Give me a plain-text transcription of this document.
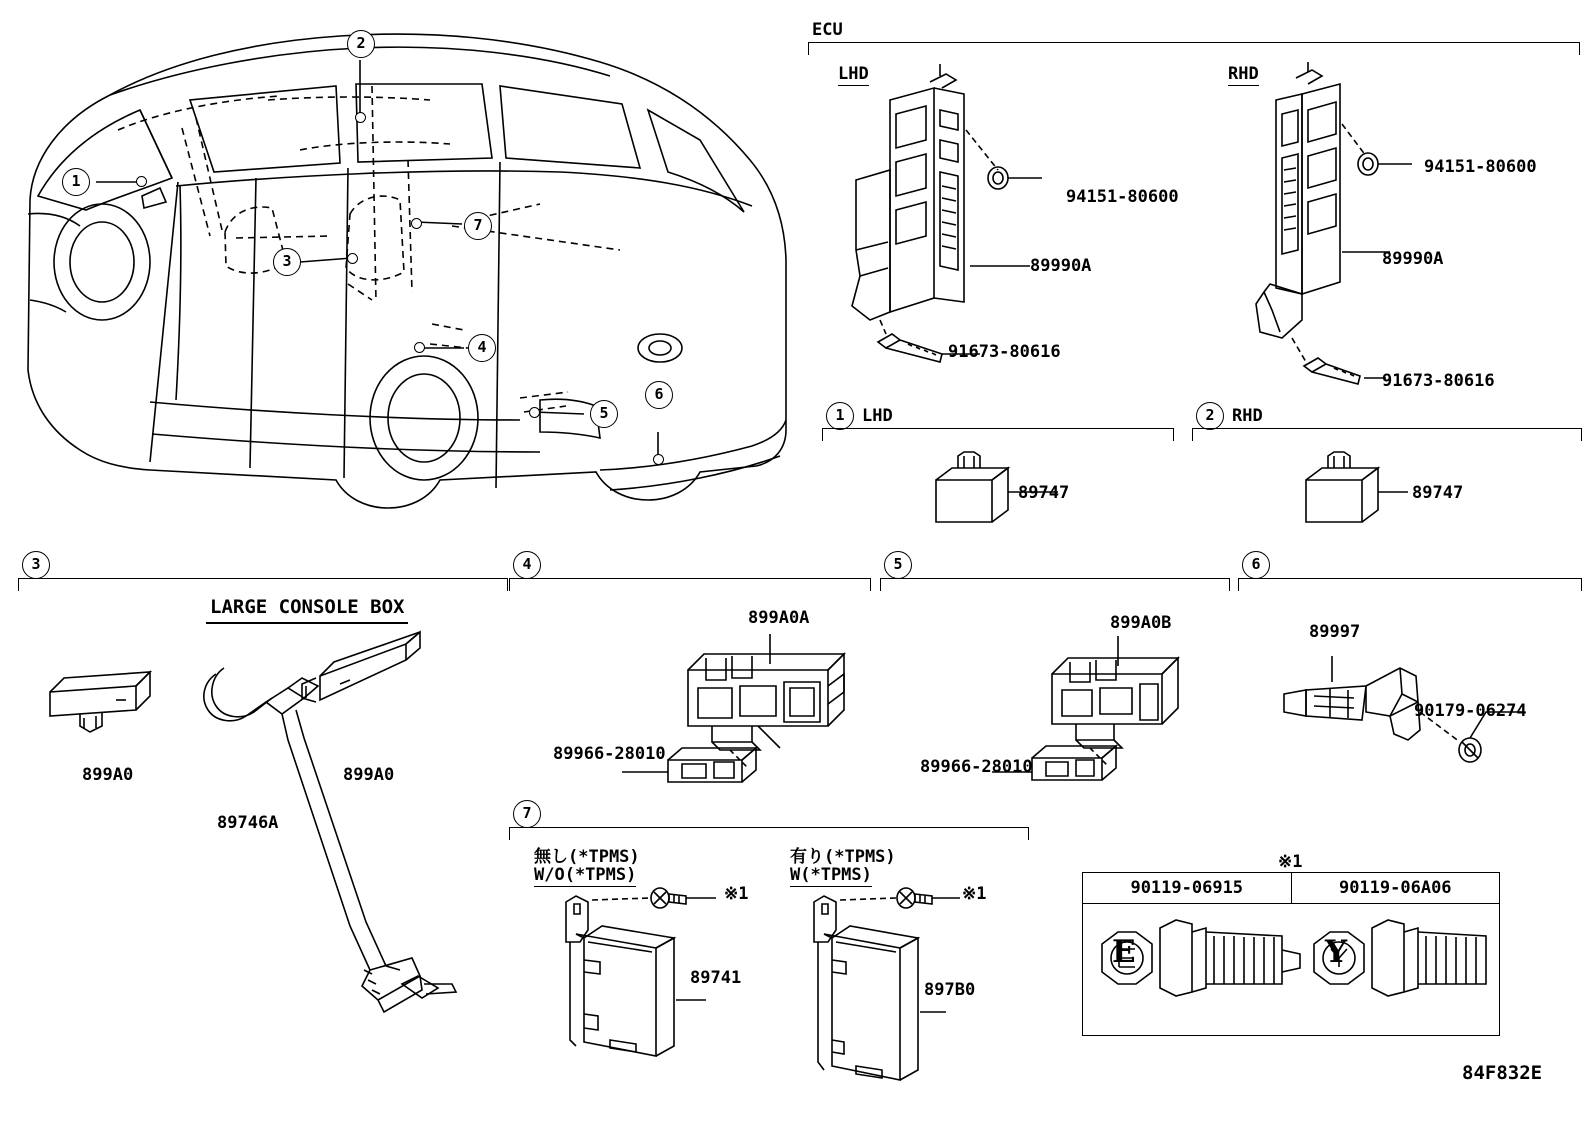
1
2
3
7
4
5
6
ECU
LHD	RHD
94151-80600
89990A
91673-80616
94151-80600
89990A
91673-80616
1	LHD
89747
2	RHD
89747
3
LARGE CONSOLE BOX
899A0
89746A
899A0
4
899A0A
89966-28010
5
899A0B
89966-28010
6
89997
90179-06274
7
無し(*TPMS)
W/O(*TPMS)
有り(*TPMS)
W(*TPMS)
※1
89741
※1
897B0
※1
90119-06915	90119-06A06
E	Y
84F832E
